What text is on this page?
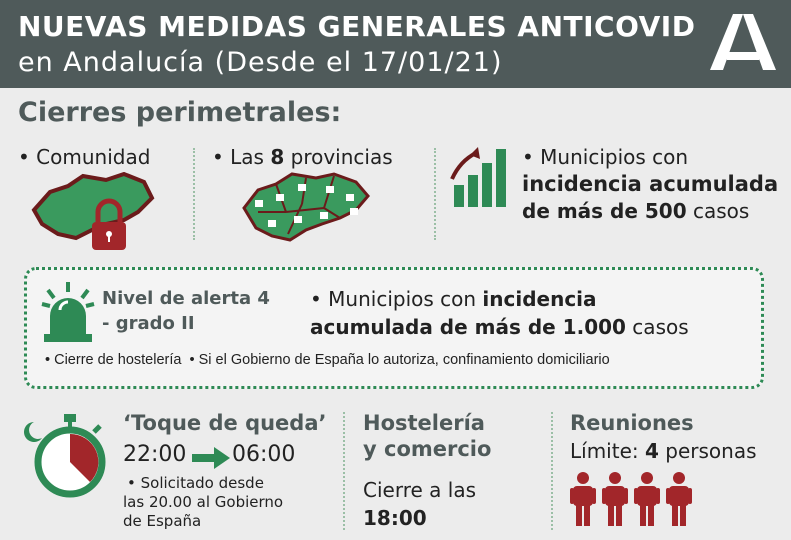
NUEVAS MEDIDAS GENERALES ANTICOVID
en Andalucía (Desde el 17/01/21)
Cierres perimetrales:
• Comunidad	• Las 8 provincias	• Municipios con
incidencia acumulada
de más de 500 casos
Nivel de alerta 4
- grado II
• Municipios con incidencia
acumulada de más de 1.000 casos
• Cierre de hostelería • Si el Gobierno de España lo autoriza, confinamiento domiciliario
‘Toque de queda’
22:00 06:00
• Solicitado desde
las 20.00 al Gobierno
de España
Hostelería
y comercio
Cierre a las
18:00
Reuniones
Límite: 4 personas
